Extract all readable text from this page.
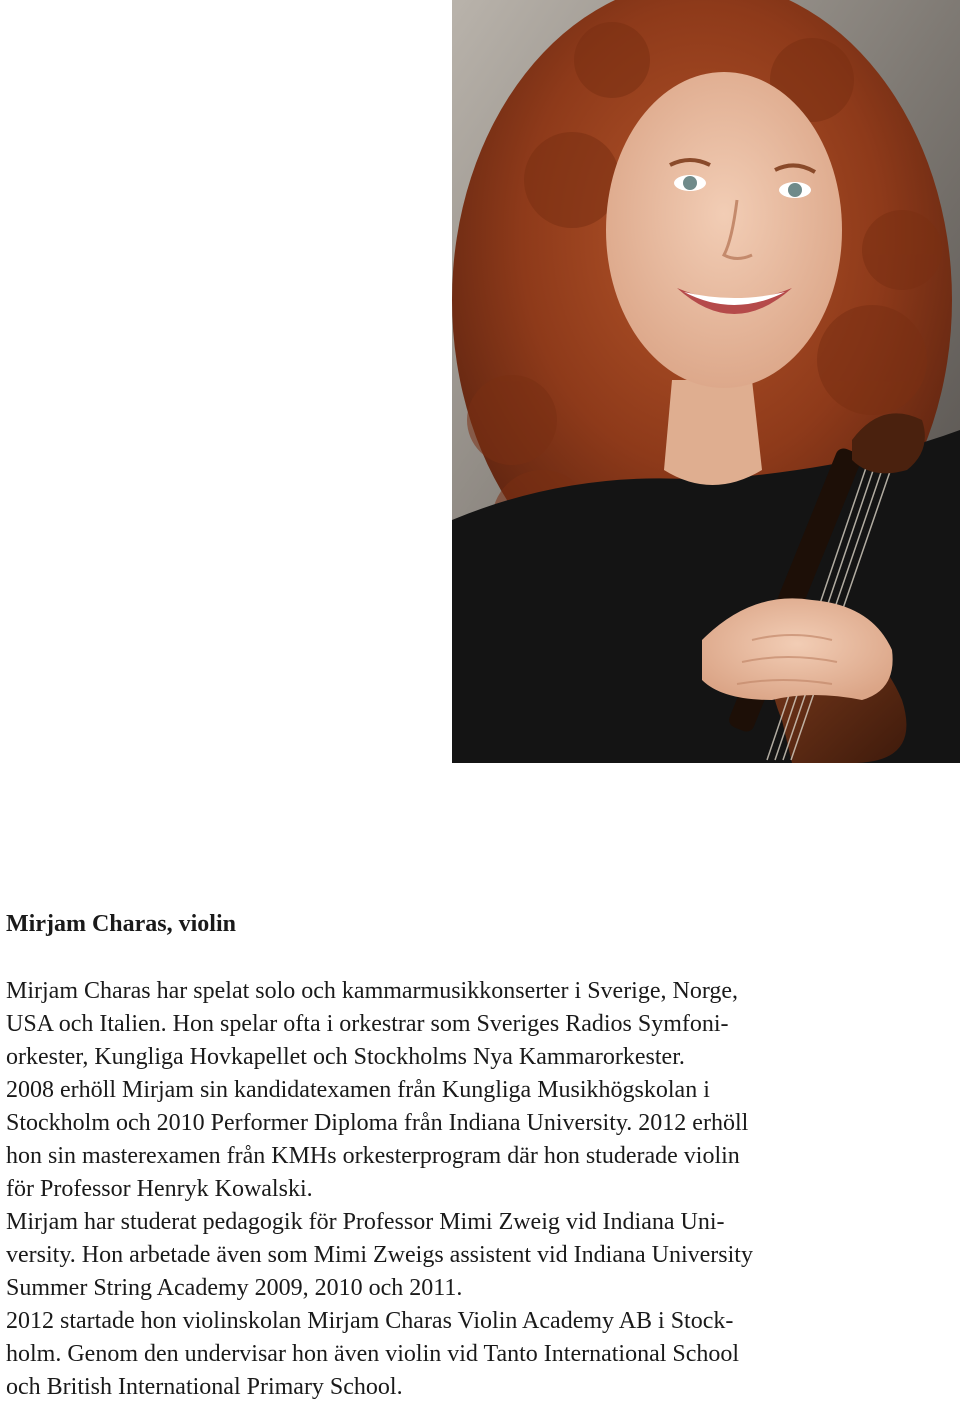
Mirjam Charas, violin

Mirjam Charas har spelat solo och kammarmusikkonserter i Sverige, Norge,
USA och Italien. Hon spelar ofta i orkestrar som Sveriges Radios Symfoni-
orkester, Kungliga Hovkapellet och Stockholms Nya Kammarorkester.
2008 erhöll Mirjam sin kandidatexamen från Kungliga Musikhögskolan i
Stockholm och 2010 Performer Diploma från Indiana University. 2012 erhöll
hon sin masterexamen från KMHs orkesterprogram där hon studerade violin
för Professor Henryk Kowalski.
Mirjam har studerat pedagogik för Professor Mimi Zweig vid Indiana Uni-
versity. Hon arbetade även som Mimi Zweigs assistent vid Indiana University
Summer String Academy 2009, 2010 och 2011.
2012 startade hon violinskolan Mirjam Charas Violin Academy AB i Stock-
holm. Genom den undervisar hon även violin vid Tanto International School
och British International Primary School.
